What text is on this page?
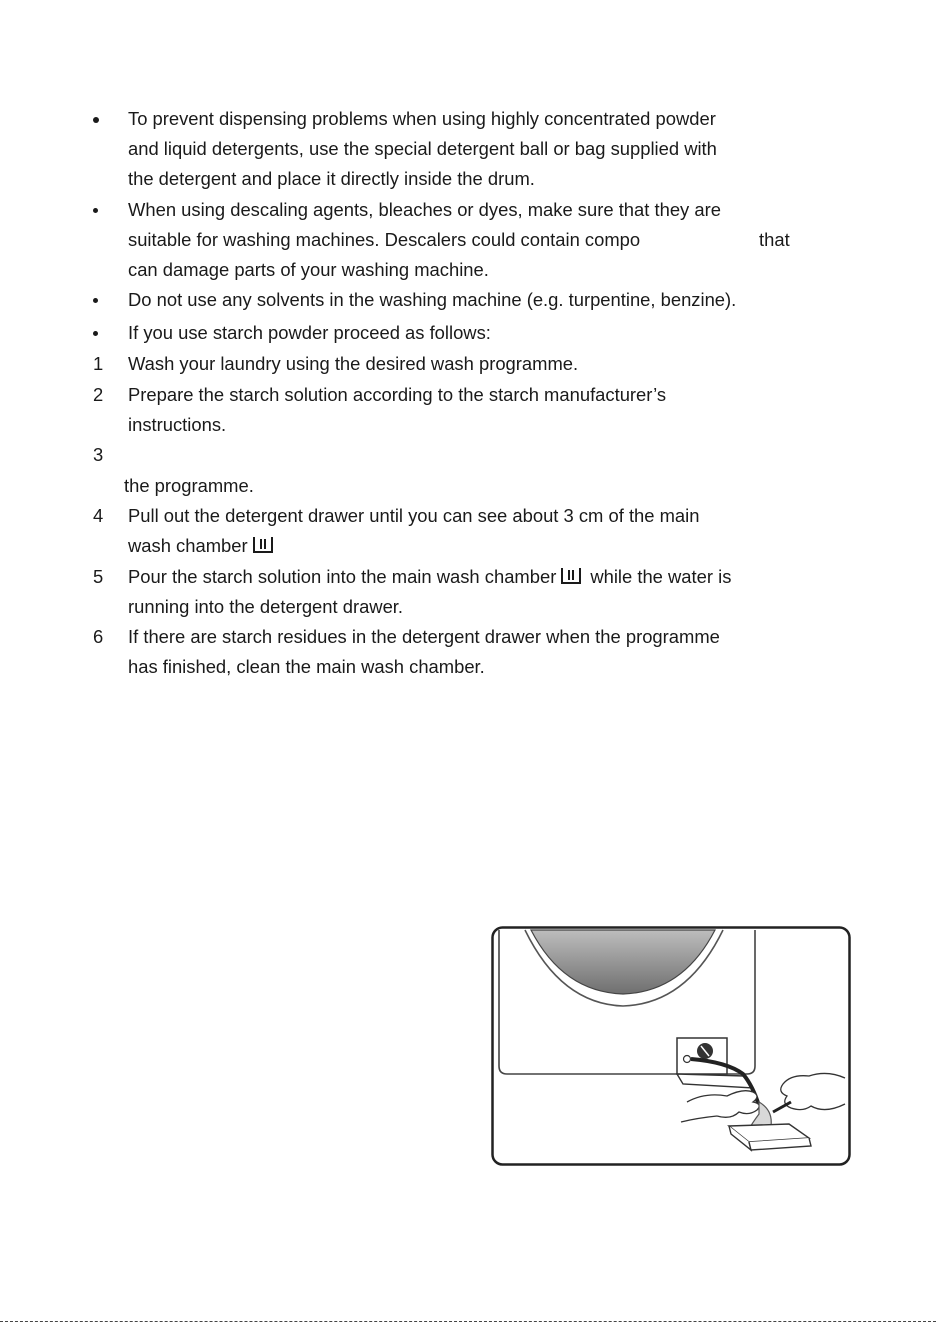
To prevent dispensing problems when using highly concentrated powder
and liquid detergents, use the special detergent ball or bag supplied with
the detergent and place it directly inside the drum.
When using descaling agents, bleaches or dyes, make sure that they are
suitable for washing machines. Descalers could contain compo	that
can damage parts of your washing machine.
Do not use any solvents in the washing machine (e.g. turpentine, benzine).
If you use starch powder proceed as follows:
1 Wash your laundry using the desired wash programme.
2 Prepare the starch solution according to the starch manufacturer’s
instructions.
3
the programme.
4 Pull out the detergent drawer until you can see about 3 cm of the main
wash chamber
5 Pour the starch solution into the main wash chamber while the water is
running into the detergent drawer.
6 If there are starch residues in the detergent drawer when the programme
has finished, clean the main wash chamber.
